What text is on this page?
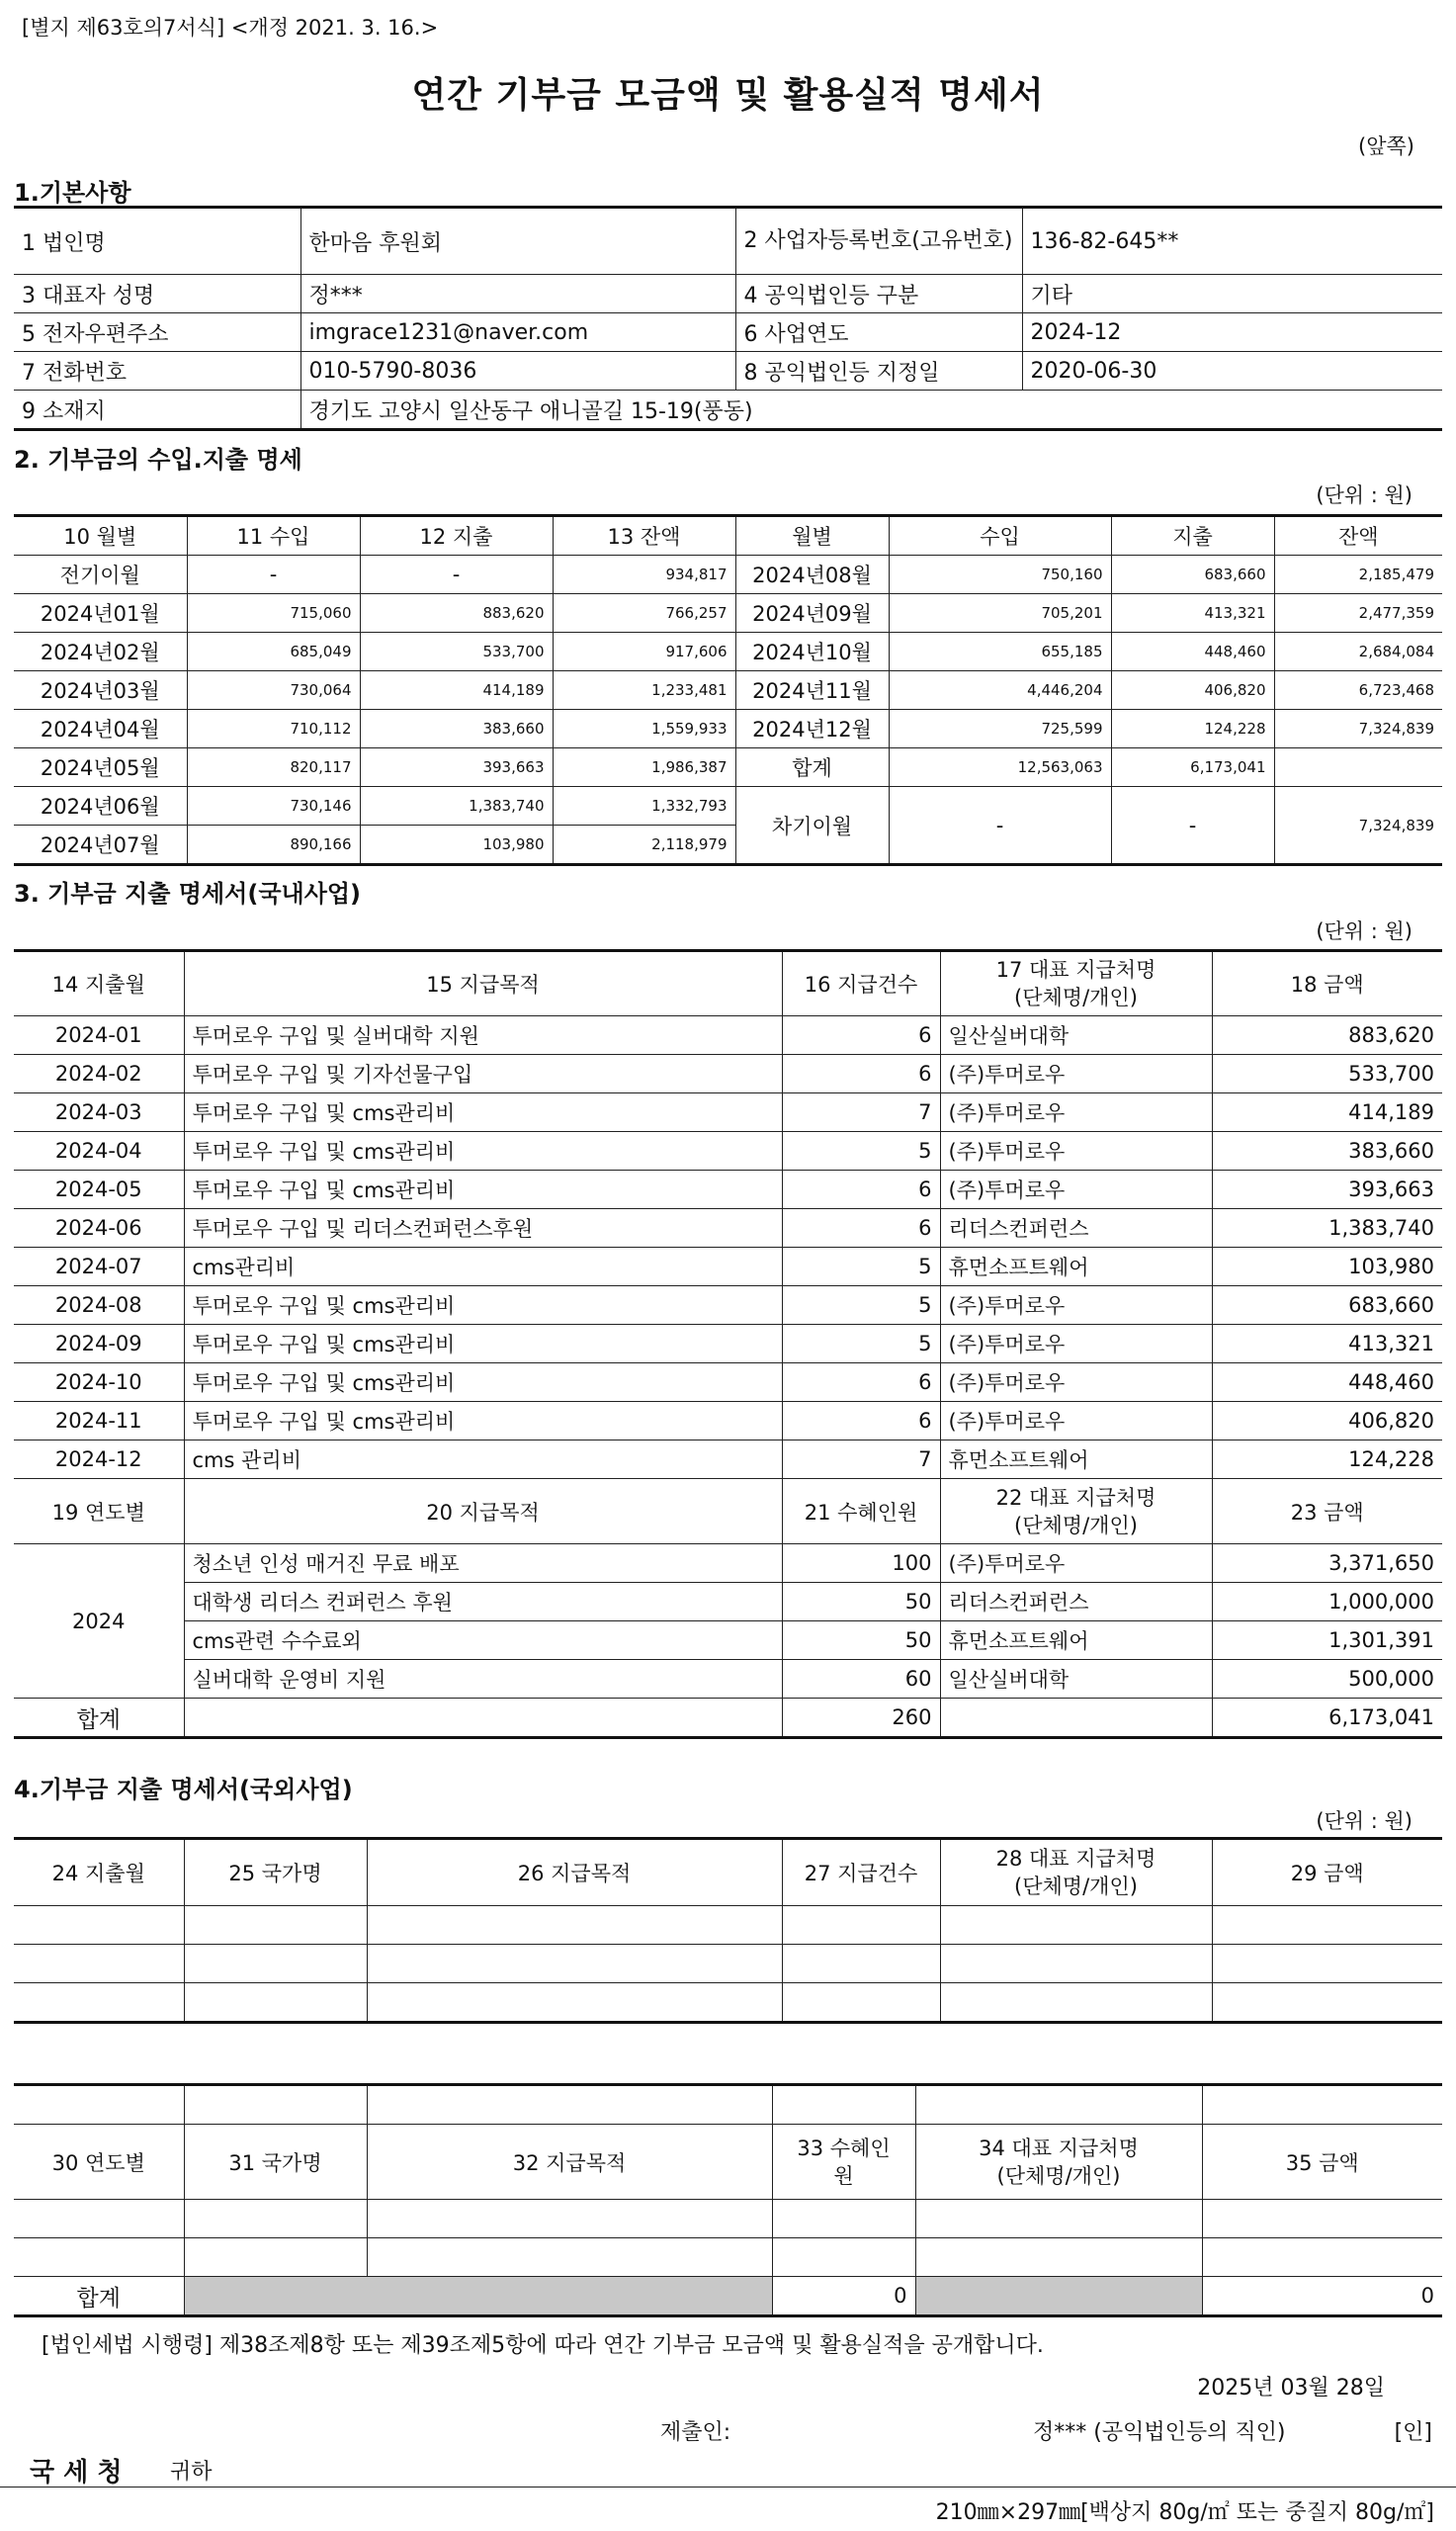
[별지 제63호의7서식] <개정 2021. 3. 16.>
연간 기부금 모금액 및 활용실적 명세서
(앞쪽)
1.기본사항
1 법인명	한마음 후원회	2 사업자등록번호(고유번호)	136-82-645**
3 대표자 성명	정***	4 공익법인등 구분	기타
5 전자우편주소	imgrace1231@naver.com	6 사업연도	2024-12
7 전화번호	010-5790-8036	8 공익법인등 지정일	2020-06-30
9 소재지	경기도 고양시 일산동구 애니골길 15-19(풍동)		
2. 기부금의 수입.지출 명세
(단위 : 원)
10 월별	11 수입	12 지출	13 잔액	월별	수입	지출	잔액
전기이월	-	-	934,817	2024년08월	750,160	683,660	2,185,479
2024년01월	715,060	883,620	766,257	2024년09월	705,201	413,321	2,477,359
2024년02월	685,049	533,700	917,606	2024년10월	655,185	448,460	2,684,084
2024년03월	730,064	414,189	1,233,481	2024년11월	4,446,204	406,820	6,723,468
2024년04월	710,112	383,660	1,559,933	2024년12월	725,599	124,228	7,324,839
2024년05월	820,117	393,663	1,986,387	합계	12,563,063	6,173,041	
2024년06월	730,146	1,383,740	1,332,793	차기이월	-	-	7,324,839
2024년07월	890,166	103,980	2,118,979				
3. 기부금 지출 명세서(국내사업)
(단위 : 원)
14 지출월	15 지급목적	16 지급건수	17 대표 지급처명
(단체명/개인)	18 금액
2024-01	투머로우 구입 및 실버대학 지원	6	일산실버대학	883,620
2024-02	투머로우 구입 및 기자선물구입	6	(주)투머로우	533,700
2024-03	투머로우 구입 및 cms관리비	7	(주)투머로우	414,189
2024-04	투머로우 구입 및 cms관리비	5	(주)투머로우	383,660
2024-05	투머로우 구입 및 cms관리비	6	(주)투머로우	393,663
2024-06	투머로우 구입 및 리더스컨퍼런스후원	6	리더스컨퍼런스	1,383,740
2024-07	cms관리비	5	휴먼소프트웨어	103,980
2024-08	투머로우 구입 및 cms관리비	5	(주)투머로우	683,660
2024-09	투머로우 구입 및 cms관리비	5	(주)투머로우	413,321
2024-10	투머로우 구입 및 cms관리비	6	(주)투머로우	448,460
2024-11	투머로우 구입 및 cms관리비	6	(주)투머로우	406,820
2024-12	cms 관리비	7	휴먼소프트웨어	124,228
19 연도별	20 지급목적	21 수혜인원	22 대표 지급처명
(단체명/개인)	23 금액
2024	청소년 인성 매거진 무료 배포	100	(주)투머로우	3,371,650
	대학생 리더스 컨퍼런스 후원	50	리더스컨퍼런스	1,000,000
	cms관련 수수료외	50	휴먼소프트웨어	1,301,391
	실버대학 운영비 지원	60	일산실버대학	500,000
합계		260		6,173,041
4.기부금 지출 명세서(국외사업)
(단위 : 원)
24 지출월	25 국가명	26 지급목적	27 지급건수	28 대표 지급처명
(단체명/개인)	29 금액

30 연도별	31 국가명	32 지급목적	33 수혜인
원	34 대표 지급처명
(단체명/개인)	35 금액

합계			0		0
[법인세법 시행령] 제38조제8항 또는 제39조제5항에 따라 연간 기부금 모금액 및 활용실적을 공개합니다.
2025년 03월 28일
제출인:	정*** (공익법인등의 직인)	[인]
국 세 청 귀하
210㎜×297㎜[백상지 80g/㎡ 또는 중질지 80g/㎡]
